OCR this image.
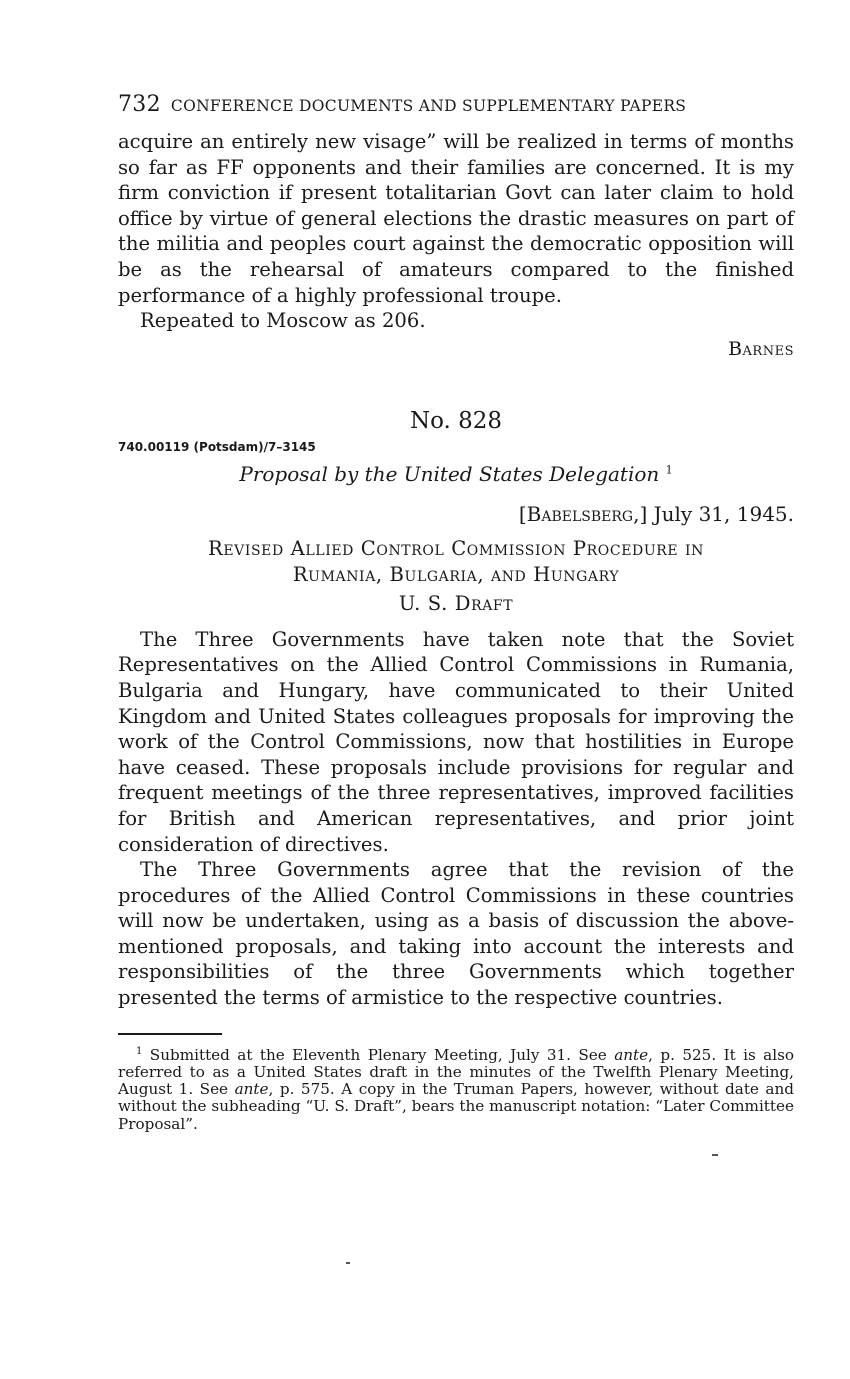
732 CONFERENCE DOCUMENTS AND SUPPLEMENTARY PAPERS

acquire an entirely new visage” will be realized in terms of months so far as FF opponents and their families are concerned. It is my firm conviction if present totalitarian Govt can later claim to hold office by virtue of general elections the drastic measures on part of the militia and peoples court against the democratic opposition will be as the rehearsal of amateurs compared to the finished performance of a highly professional troupe.

Repeated to Moscow as 206.

Barnes
No. 828
740.00119 (Potsdam)/7–3145
Proposal by the United States Delegation $^1$
[Babelsberg,] July 31, 1945.
Revised Allied Control Commission Procedure in
Rumania, Bulgaria, and Hungary
U. S. Draft

The Three Governments have taken note that the Soviet Representatives on the Allied Control Commissions in Rumania, Bulgaria and Hungary, have communicated to their United Kingdom and United States colleagues proposals for improving the work of the Control Commissions, now that hostilities in Europe have ceased. These proposals include provisions for regular and frequent meetings of the three representatives, improved facilities for British and American representatives, and prior joint consideration of directives.

The Three Governments agree that the revision of the procedures of the Allied Control Commissions in these countries will now be undertaken, using as a basis of discussion the above-mentioned proposals, and taking into account the interests and responsibilities of the three Governments which together presented the terms of armistice to the respective countries.

$^1$ Submitted at the Eleventh Plenary Meeting, July 31. See ante, p. 525. It is also referred to as a United States draft in the minutes of the Twelfth Plenary Meeting, August 1. See ante, p. 575. A copy in the Truman Papers, however, without date and without the subheading “U. S. Draft”, bears the manuscript notation: “Later Committee Proposal”.
